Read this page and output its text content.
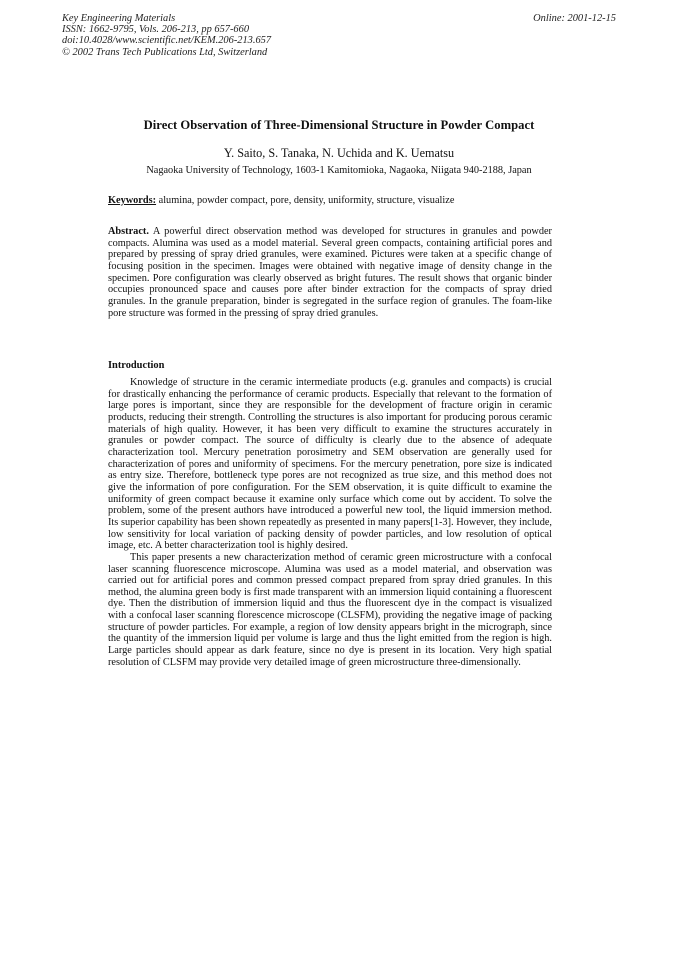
Key Engineering Materials
ISSN: 1662-9795, Vols. 206-213, pp 657-660
doi:10.4028/www.scientific.net/KEM.206-213.657
© 2002 Trans Tech Publications Ltd, Switzerland
Online: 2001-12-15
Direct Observation of Three-Dimensional Structure in Powder Compact
Y. Saito, S. Tanaka, N. Uchida and K. Uematsu
Nagaoka University of Technology, 1603-1 Kamitomioka, Nagaoka, Niigata 940-2188, Japan
Keywords: alumina, powder compact, pore, density, uniformity, structure, visualize
Abstract. A powerful direct observation method was developed for structures in granules and powder compacts. Alumina was used as a model material. Several green compacts, containing artificial pores and prepared by pressing of spray dried granules, were examined. Pictures were taken at a specific change of focusing position in the specimen. Images were obtained with negative image of density change in the specimen. Pore configuration was clearly observed as bright futures. The result shows that organic binder occupies pronounced space and causes pore after binder extraction for the compacts of spray dried granules. In the granule preparation, binder is segregated in the surface region of granules. The foam-like pore structure was formed in the pressing of spray dried granules.
Introduction

Knowledge of structure in the ceramic intermediate products (e.g. granules and compacts) is crucial for drastically enhancing the performance of ceramic products. Especially that relevant to the formation of large pores is important, since they are responsible for the development of fracture origin in ceramic products, reducing their strength. Controlling the structures is also important for producing porous ceramic materials of high quality. However, it has been very difficult to examine the structures accurately in granules or powder compact. The source of difficulty is clearly due to the absence of adequate characterization tool. Mercury penetration porosimetry and SEM observation are generally used for characterization of pores and uniformity of specimens. For the mercury penetration, pore size is indicated as entry size. Therefore, bottleneck type pores are not recognized as true size, and this method does not give the information of pore configuration. For the SEM observation, it is quite difficult to examine the uniformity of green compact because it examine only surface which come out by accident. To solve the problem, some of the present authors have introduced a powerful new tool, the liquid immersion method. Its superior capability has been shown repeatedly as presented in many papers[1-3]. However, they include, low sensitivity for local variation of packing density of powder particles, and low resolution of optical image, etc. A better characterization tool is highly desired.

This paper presents a new characterization method of ceramic green microstructure with a confocal laser scanning fluorescence microscope. Alumina was used as a model material, and observation was carried out for artificial pores and common pressed compact prepared from spray dried granules. In this method, the alumina green body is first made transparent with an immersion liquid containing a fluorescent dye. Then the distribution of immersion liquid and thus the fluorescent dye in the compact is visualized with a confocal laser scanning florescence microscope (CLSFM), providing the negative image of packing structure of powder particles. For example, a region of low density appears bright in the micrograph, since the quantity of the immersion liquid per volume is large and thus the light emitted from the region is high. Large particles should appear as dark feature, since no dye is present in its location. Very high spatial resolution of CLSFM may provide very detailed image of green microstructure three-dimensionally.
